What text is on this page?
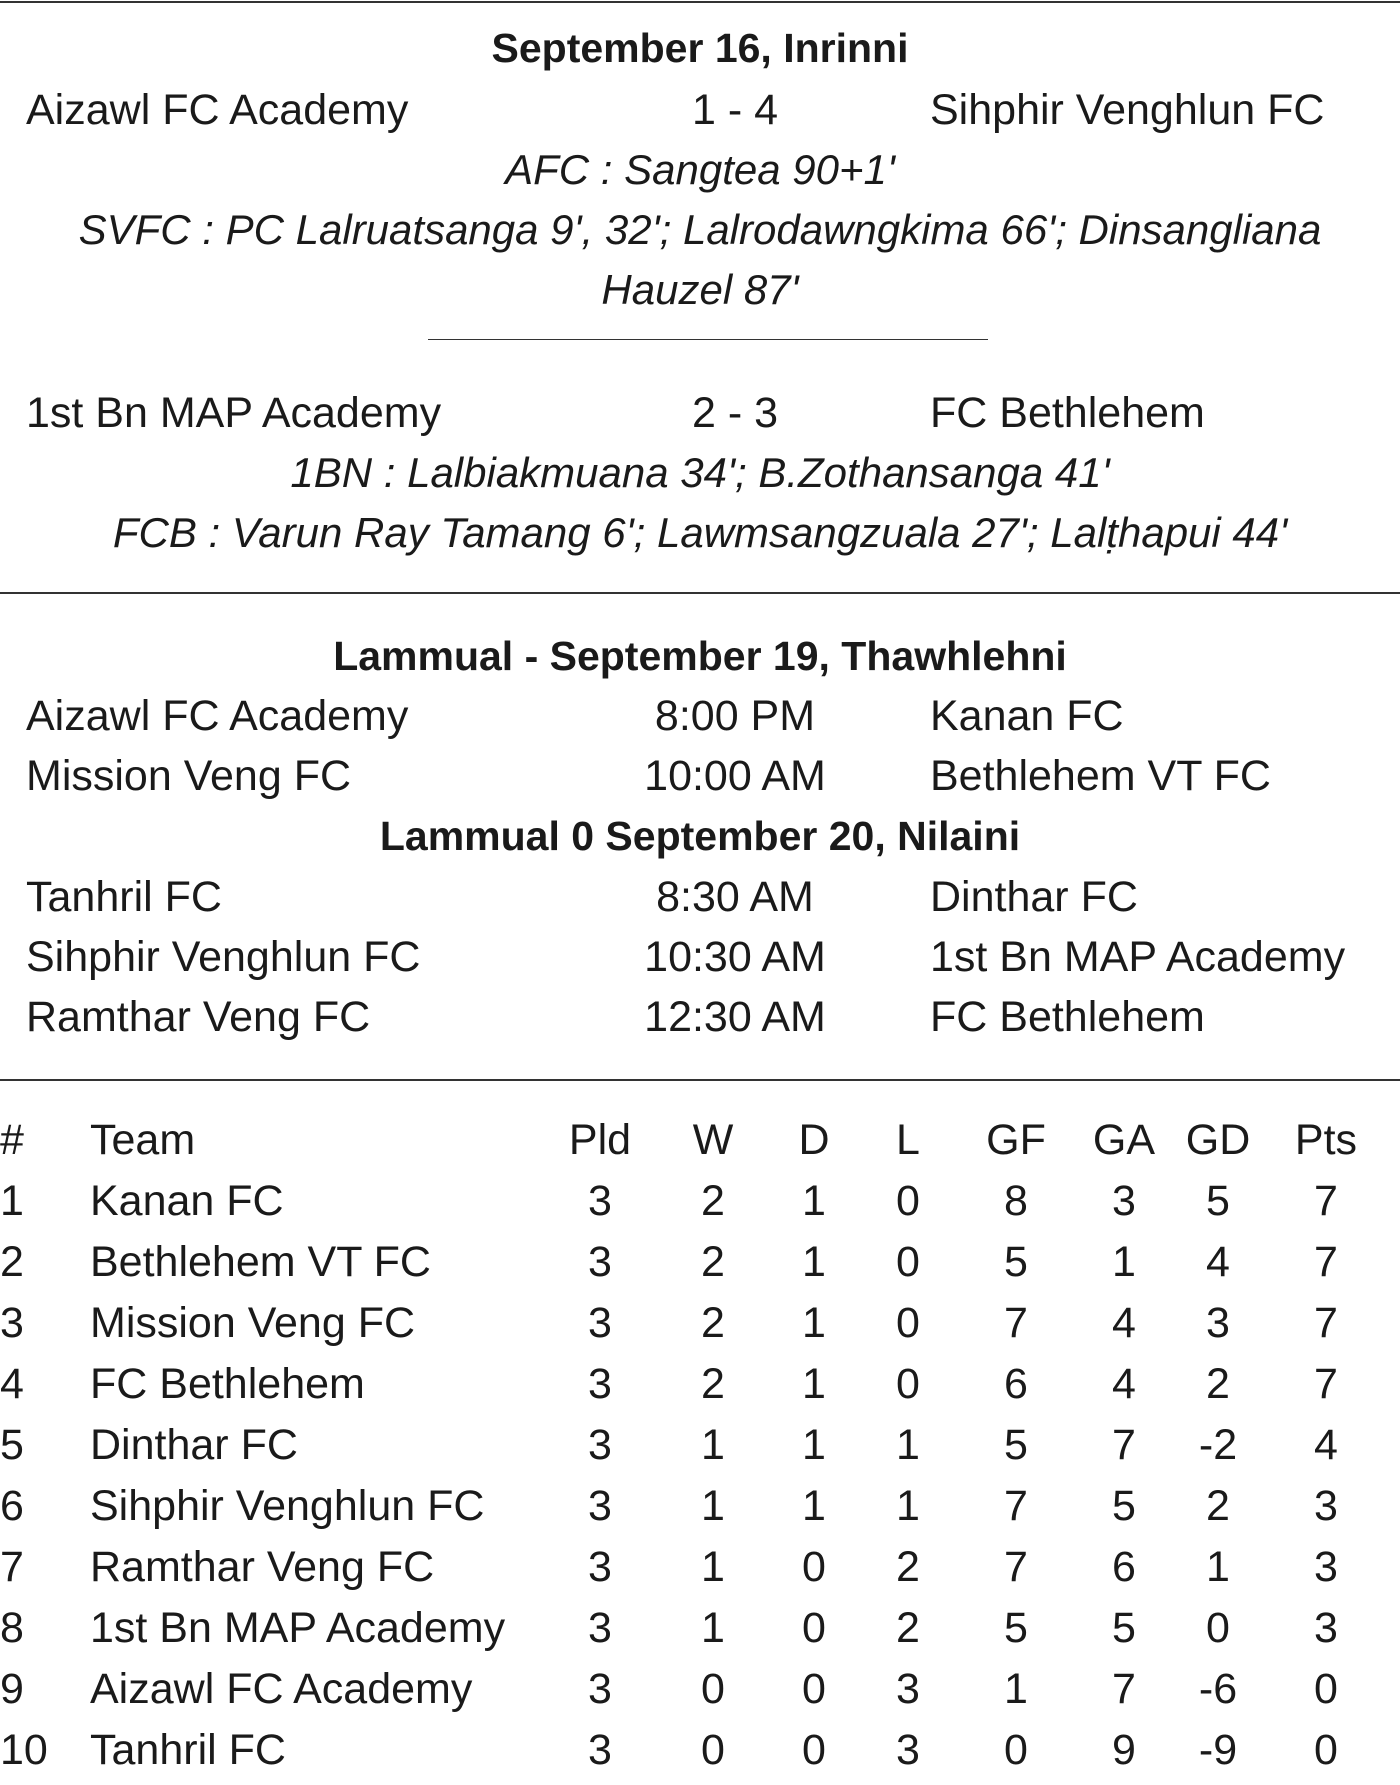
September 16, Inrinni
Aizawl FC Academy	1 - 4	Sihphir Venghlun FC
AFC : Sangtea 90+1'
SVFC : PC Lalruatsanga 9', 32'; Lalrodawngkima 66'; Dinsangliana
Hauzel 87'
1st Bn MAP Academy	2 - 3	FC Bethlehem
1BN : Lalbiakmuana 34'; B.Zothansanga 41'
FCB : Varun Ray Tamang 6'; Lawmsangzuala 27'; Lalṭhapui 44'
Lammual - September 19, Thawhlehni
Aizawl FC Academy	8:00 PM	Kanan FC
Mission Veng FC	10:00 AM	Bethlehem VT FC
Lammual 0 September 20, Nilaini
Tanhril FC	8:30 AM	Dinthar FC
Sihphir Venghlun FC	10:30 AM	1st Bn MAP Academy
Ramthar Veng FC	12:30 AM	FC Bethlehem
# Team	Pld	W	D	L	GF	GA GD	Pts
1 Kanan FC	3	2	1	0	8	3	5	7
2 Bethlehem VT FC	3	2	1	0	5	1	4	7
3 Mission Veng FC	3	2	1	0	7	4	3	7
4 FC Bethlehem	3	2	1	0	6	4	2	7
5 Dinthar FC	3	1	1	1	5	7	-2	4
6 Sihphir Venghlun FC	3	1	1	1	7	5	2	3
7 Ramthar Veng FC	3	1	0	2	7	6	1	3
8 1st Bn MAP Academy	3	1	0	2	5	5	0	3
9 Aizawl FC Academy	3	0	0	3	1	7	-6	0
10 Tanhril FC	3	0	0	3	0	9	-9	0
